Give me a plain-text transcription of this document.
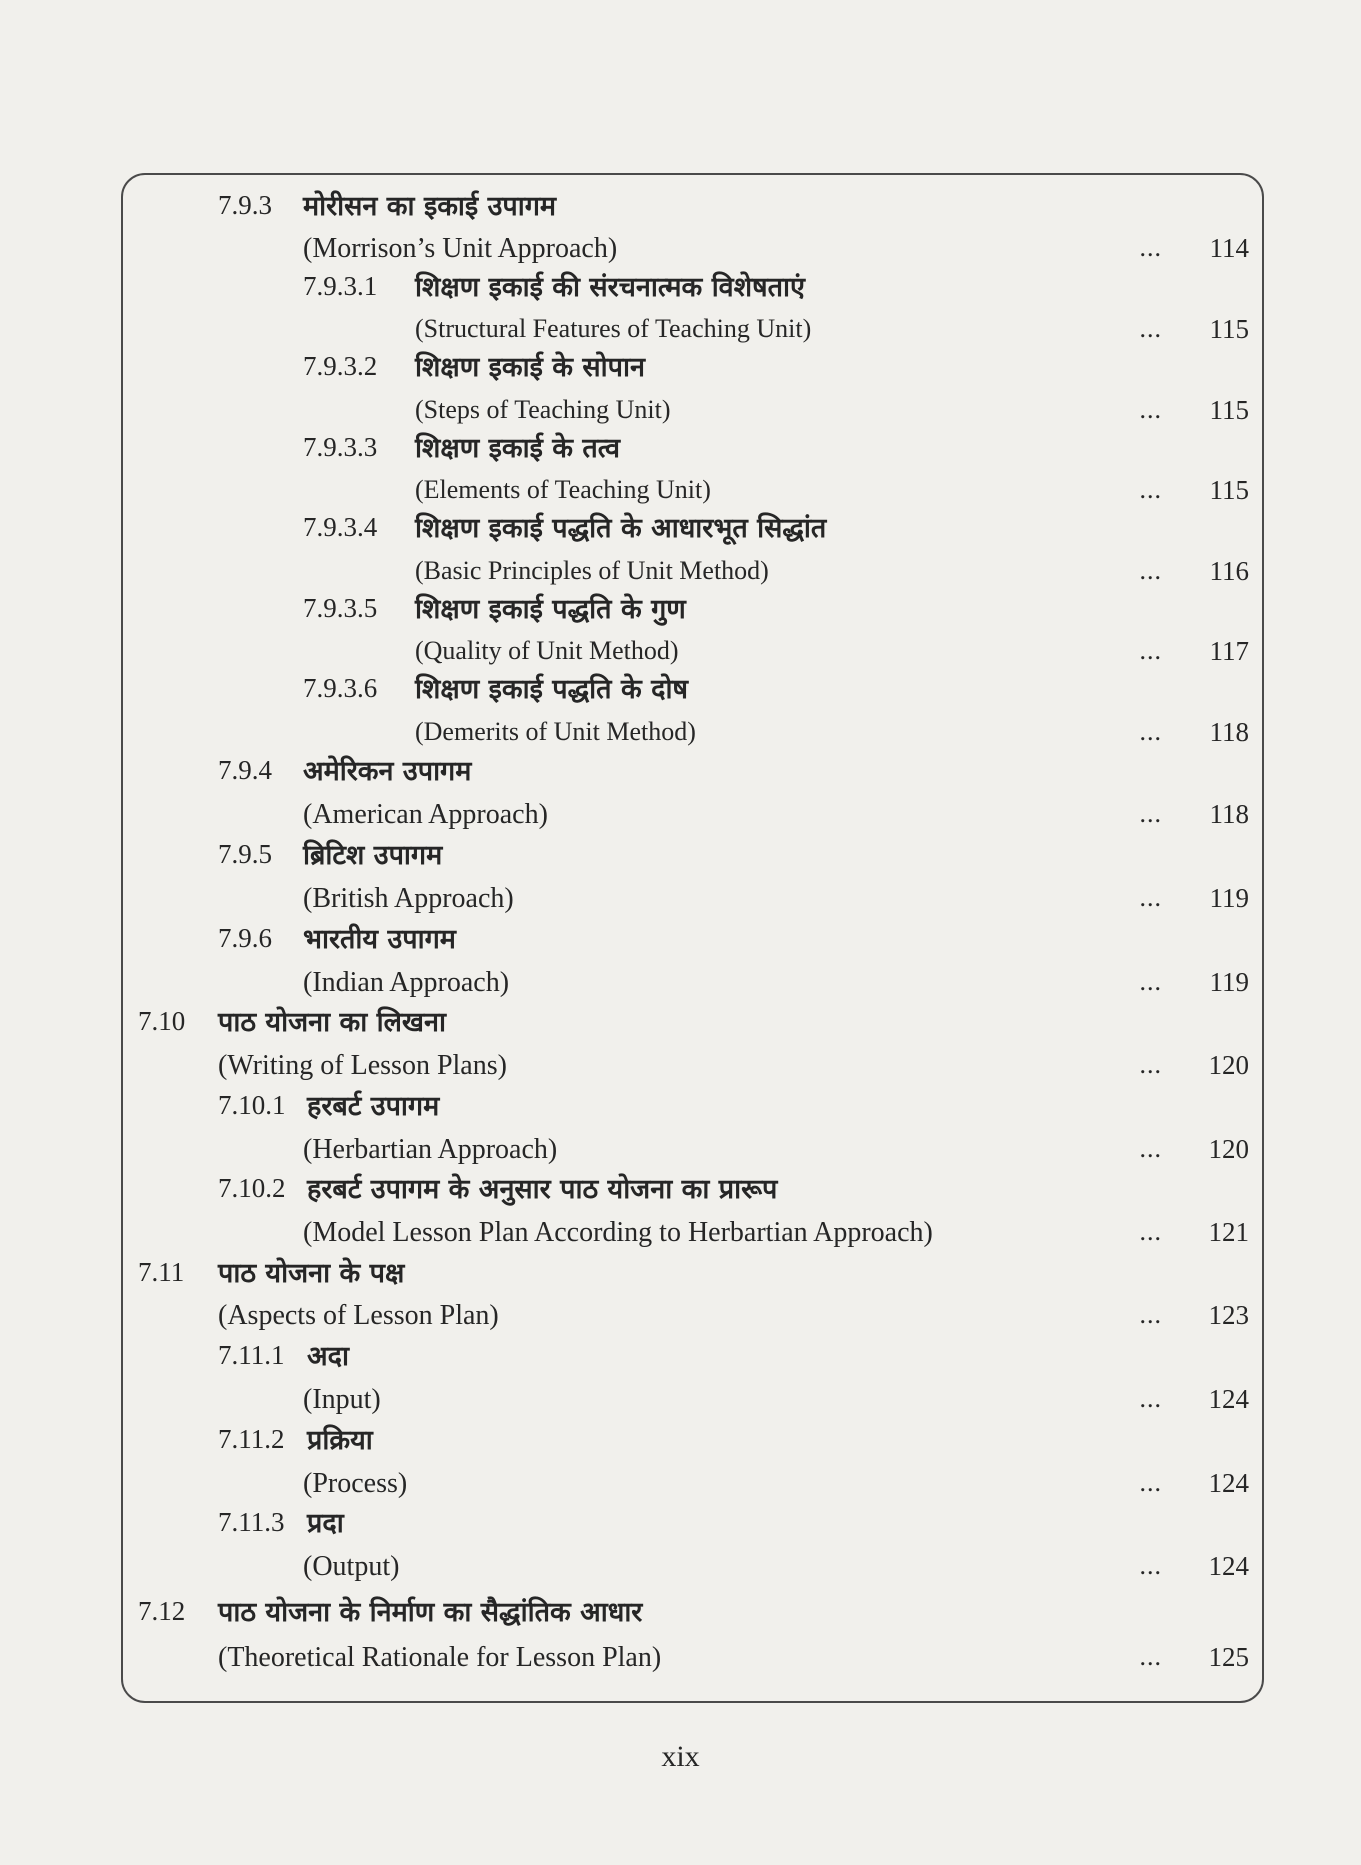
7.9.3 मोरीसन का इकाई उपागम
(Morrison’s Unit Approach)	... 114
7.9.3.1 शिक्षण इकाई की संरचनात्मक विशेषताएं
(Structural Features of Teaching Unit)	... 115
7.9.3.2 शिक्षण इकाई के सोपान
(Steps of Teaching Unit)	... 115
7.9.3.3 शिक्षण इकाई के तत्व
(Elements of Teaching Unit)	... 115
7.9.3.4 शिक्षण इकाई पद्धति के आधारभूत सिद्धांत
(Basic Principles of Unit Method)	... 116
7.9.3.5 शिक्षण इकाई पद्धति के गुण
(Quality of Unit Method)	... 117
7.9.3.6 शिक्षण इकाई पद्धति के दोष
(Demerits of Unit Method)	... 118
7.9.4 अमेरिकन उपागम
(American Approach)	... 118
7.9.5 ब्रिटिश उपागम
(British Approach)	... 119
7.9.6 भारतीय उपागम
(Indian Approach)	... 119
7.10 पाठ योजना का लिखना
(Writing of Lesson Plans)	... 120
7.10.1 हरबर्ट उपागम
(Herbartian Approach)	... 120
7.10.2 हरबर्ट उपागम के अनुसार पाठ योजना का प्रारूप
(Model Lesson Plan According to Herbartian Approach)	... 121
7.11 पाठ योजना के पक्ष
(Aspects of Lesson Plan)	... 123
7.11.1 अदा
(Input)	... 124
7.11.2 प्रक्रिया
(Process)	... 124
7.11.3 प्रदा
(Output)	... 124
7.12 पाठ योजना के निर्माण का सैद्धांतिक आधार
(Theoretical Rationale for Lesson Plan)	... 125
xix
